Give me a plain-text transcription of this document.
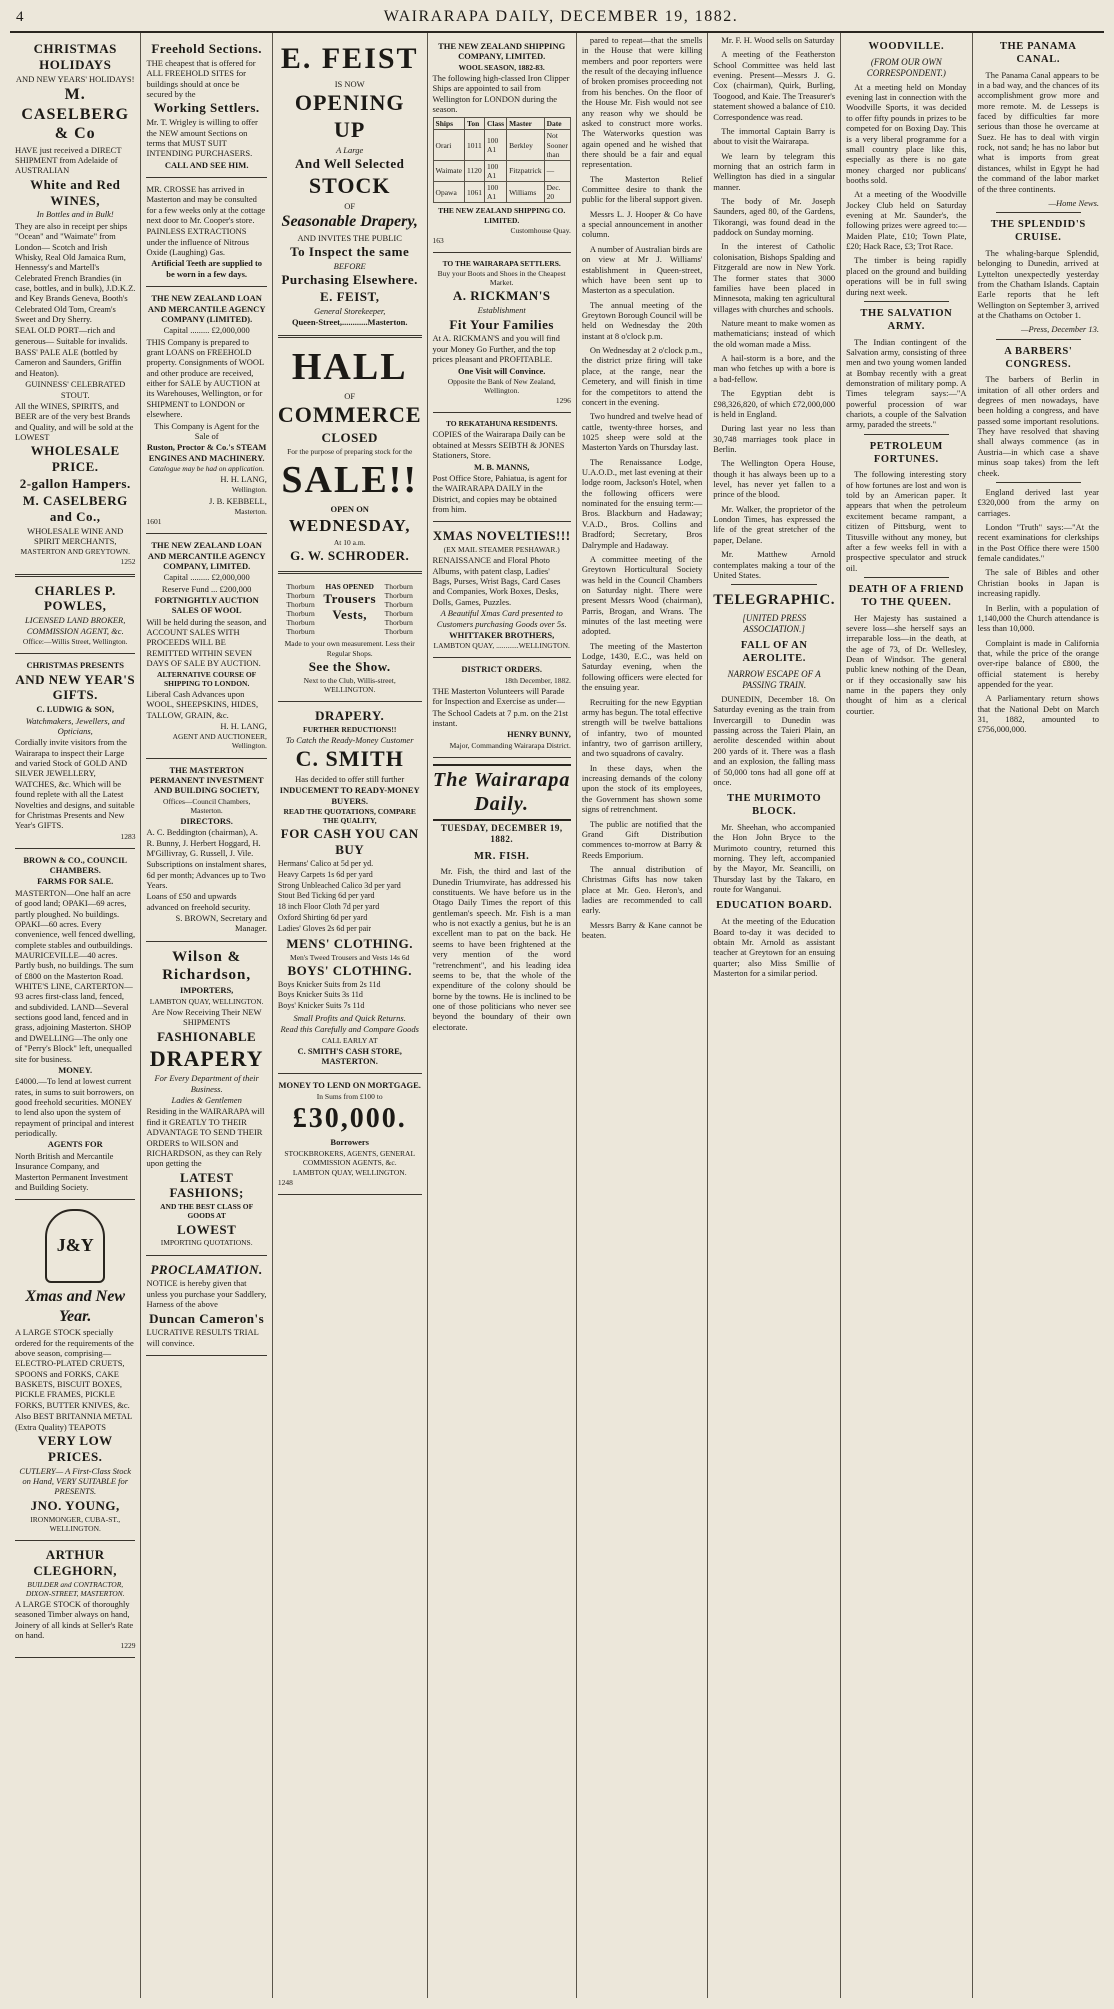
4	WAIRARAPA DAILY, DECEMBER 19, 1882.

CHRISTMAS HOLIDAYS

AND NEW YEARS' HOLIDAYS!

M. CASELBERG & Co

HAVE just received a DIRECT SHIPMENT from Adelaide of AUSTRALIAN

White and Red WINES,

In Bottles and in Bulk!

They are also in receipt per ships "Ocean" and "Waimate" from London— Scotch and Irish Whisky, Real Old Jamaica Rum, Hennessy's and Martell's Celebrated French Brandies (in case, bottles, and in bulk), J.D.K.Z. and Key Brands Geneva, Booth's Celebrated Old Tom, Cream's Sweet and Dry Sherry.

SEAL OLD PORT—rich and generous— Suitable for invalids.

BASS' PALE ALE (bottled by Cameron and Saunders, Griffin and Heaton).

GUINNESS' CELEBRATED STOUT.

All the WINES, SPIRITS, and BEER are of the very best Brands and Quality, and will be sold at the LOWEST

WHOLESALE PRICE.

2-gallon Hampers.

M. CASELBERG and Co.,

WHOLESALE WINE AND SPIRIT MERCHANTS,

MASTERTON AND GREYTOWN.

1252

CHARLES P. POWLES,

LICENSED LAND BROKER, COMMISSION AGENT, &c.

Office:—Willis Street, Wellington.

CHRISTMAS PRESENTS

AND NEW YEAR'S GIFTS.

C. LUDWIG & SON,

Watchmakers, Jewellers, and Opticians,

Cordially invite visitors from the Wairarapa to inspect their Large and varied Stock of GOLD AND SILVER JEWELLERY, WATCHES, &c. Which will be found replete with all the Latest Novelties and designs, and suitable for Christmas Presents and New Year's GIFTS.

1283

BROWN & CO., COUNCIL CHAMBERS.

FARMS FOR SALE.

MASTERTON—One half an acre of good land; OPAKI—69 acres, partly ploughed. No buildings. OPAKI—60 acres. Every convenience, well fenced dwelling, complete stables and outbuildings. MAURICEVILLE—40 acres. Partly bush, no buildings. The sum of £800 on the Masterton Road. WHITE'S LINE, CARTERTON—93 acres first-class land, fenced, and subdivided. LAND—Several sections good land, fenced and in grass, adjoining Masterton. SHOP and DWELLING—The only one of "Perry's Block" left, unequalled site for business.

MONEY.

£4000.—To lend at lowest current rates, in sums to suit borrowers, on good freehold securities. MONEY to lend also upon the system of repayment of principal and interest periodically.

AGENTS FOR

North British and Mercantile Insurance Company, and Masterton Permanent Investment and Building Society.

J&Y

Xmas and New Year.

A LARGE STOCK specially ordered for the requirements of the above season, comprising— ELECTRO-PLATED CRUETS, SPOONS and FORKS, CAKE BASKETS, BISCUIT BOXES, PICKLE FRAMES, PICKLE FORKS, BUTTER KNIVES, &c.

Also BEST BRITANNIA METAL (Extra Quality) TEAPOTS

VERY LOW PRICES.

CUTLERY— A First-Class Stock on Hand, VERY SUITABLE for PRESENTS.

JNO. YOUNG,

IRONMONGER, CUBA-ST., WELLINGTON.

ARTHUR CLEGHORN,

BUILDER and CONTRACTOR, DIXON-STREET, MASTERTON.

A LARGE STOCK of thoroughly seasoned Timber always on hand, Joinery of all kinds at Seller's Rate on hand.

1229

Freehold Sections.

THE cheapest that is offered for ALL FREEHOLD SITES for buildings should at once be secured by the

Working Settlers.

Mr. T. Wrigley is willing to offer the NEW amount Sections on terms that MUST SUIT INTENDING PURCHASERS.

CALL AND SEE HIM.

MR. CROSSE has arrived in Masterton and may be consulted for a few weeks only at the cottage next door to Mr. Cooper's store.

PAINLESS EXTRACTIONS under the influence of Nitrous Oxide (Laughing) Gas.

Artificial Teeth are supplied to be worn in a few days.

THE NEW ZEALAND LOAN AND MERCANTILE AGENCY COMPANY (LIMITED).

Capital ......... £2,000,000

THIS Company is prepared to grant LOANS on FREEHOLD property. Consignments of WOOL and other produce are received, either for SALE by AUCTION at its Warehouses, Wellington, or for SHIPMENT to LONDON or elsewhere.

This Company is Agent for the Sale of

Ruston, Proctor & Co.'s STEAM ENGINES AND MACHINERY.

Catalogue may be had on application.

H. H. LANG,

Wellington.

J. B. KEBBELL,

Masterton.

1601

THE NEW ZEALAND LOAN AND MERCANTILE AGENCY COMPANY, LIMITED.

Capital ......... £2,000,000

Reserve Fund ... £200,000

FORTNIGHTLY AUCTION SALES OF WOOL

Will be held during the season, and ACCOUNT SALES WITH PROCEEDS WILL BE REMITTED WITHIN SEVEN DAYS OF SALE BY AUCTION.

ALTERNATIVE COURSE OF SHIPPING TO LONDON.

Liberal Cash Advances upon WOOL, SHEEPSKINS, HIDES, TALLOW, GRAIN, &c.

H. H. LANG,

AGENT AND AUCTIONEER, Wellington.

THE MASTERTON PERMANENT INVESTMENT AND BUILDING SOCIETY,

Offices—Council Chambers, Masterton.

DIRECTORS.

A. C. Beddington (chairman), A. R. Bunny, J. Herbert Hoggard, H. M'Gillivray, G. Russell, J. Vile.

Subscriptions on instalment shares, 6d per month; Advances up to Two Years.

Loans of £50 and upwards advanced on freehold security.

S. BROWN, Secretary and Manager.

Wilson & Richardson,

IMPORTERS,

LAMBTON QUAY, WELLINGTON.

Are Now Receiving Their NEW SHIPMENTS

FASHIONABLE

DRAPERY

For Every Department of their Business.

Ladies & Gentlemen

Residing in the WAIRARAPA will find it GREATLY TO THEIR ADVANTAGE TO SEND THEIR ORDERS to WILSON and RICHARDSON, as they can Rely upon getting the

LATEST FASHIONS;

AND THE BEST CLASS OF GOODS AT

LOWEST

IMPORTING QUOTATIONS.

PROCLAMATION.

NOTICE is hereby given that unless you purchase your Saddlery, Harness of the above

Duncan Cameron's

LUCRATIVE RESULTS TRIAL will convince.

E. FEIST

IS NOW

OPENING UP

A Large

And Well Selected

STOCK

OF

Seasonable Drapery,

AND INVITES THE PUBLIC

To Inspect the same

BEFORE

Purchasing Elsewhere.

E. FEIST,

General Storekeeper,

Queen-Street,............Masterton.

HALL

OF

COMMERCE

CLOSED

For the purpose of preparing stock for the

SALE!!

OPEN ON

WEDNESDAY,

At 10 a.m.

G. W. SCHRODER.

Thorburn
Thorburn
Thorburn
Thorburn
Thorburn
Thorburn
HAS OPENED
Trousers
Vests,
Thorburn
Thorburn
Thorburn
Thorburn
Thorburn
Thorburn

Made to your own measurement. Less their Regular Shops.

See the Show.

Next to the Club, Willis-street, WELLINGTON.

DRAPERY.

FURTHER REDUCTIONS!!

To Catch the Ready-Money Customer

C. SMITH

Has decided to offer still further

INDUCEMENT TO READY-MONEY BUYERS.

READ THE QUOTATIONS, COMPARE THE QUALITY,

FOR CASH YOU CAN BUY

Hermans' Calico at 5d per yd.
Heavy Carpets 1s 6d per yard
Strong Unbleached Calico 3d per yard
Stout Bed Ticking 6d per yard
18 inch Floor Cloth 7d per yard
Oxford Shirting 6d per yard
Ladies' Gloves 2s 6d per pair

MENS' CLOTHING.

Men's Tweed Trousers and Vests 14s 6d

BOYS' CLOTHING.

Boys Knicker Suits from 2s 11d
Boys Knicker Suits 3s 11d
Boys' Knicker Suits 7s 11d

Small Profits and Quick Returns.

Read this Carefully and Compare Goods

CALL EARLY AT

C. SMITH'S CASH STORE, MASTERTON.

MONEY TO LEND ON MORTGAGE.

In Sums from £100 to

£30,000.

Borrowers

STOCKBROKERS, AGENTS, GENERAL COMMISSION AGENTS, &c.

LAMBTON QUAY, WELLINGTON.

1248

THE NEW ZEALAND SHIPPING COMPANY, LIMITED.

WOOL SEASON, 1882-83.

The following high-classed Iron Clipper Ships are appointed to sail from Wellington for LONDON during the season.

Ships	Ton	Class	Master	Date
Orari	1011	100 A1	Berkley	Not Sooner than
Waimate	1120	100 A1	Fitzpatrick	—
Opawa	1061	100 A1	Williams	Dec. 20

THE NEW ZEALAND SHIPPING CO. LIMITED.

Customhouse Quay.

163

TO THE WAIRARAPA SETTLERS.

Buy your Boots and Shoes in the Cheapest Market.

A. RICKMAN'S

Establishment

Fit Your Families

At A. RICKMAN'S and you will find your Money Go Further, and the top prices pleasant and PROFITABLE.

One Visit will Convince.

Opposite the Bank of New Zealand, Wellington.

1296

TO REKATAHUNA RESIDENTS.

COPIES of the Wairarapa Daily can be obtained at Messrs SEIBTH & JONES Stationers, Store.

M. B. MANNS,

Post Office Store, Pahiatua, is agent for the WAIRARAPA DAILY in the District, and copies may be obtained from him.

XMAS NOVELTIES!!!

(EX MAIL STEAMER PESHAWAR.)

RENAISSANCE and Floral Photo Albums, with patent clasp, Ladies' Bags, Purses, Wrist Bags, Card Cases and Companies, Work Boxes, Desks, Dolls, Games, Puzzles.

A Beautiful Xmas Card presented to Customers purchasing Goods over 5s.

WHITTAKER BROTHERS,

LAMBTON QUAY, ............WELLINGTON.

DISTRICT ORDERS.

18th December, 1882.

THE Masterton Volunteers will Parade for Inspection and Exercise as under—

The School Cadets at 7 p.m. on the 21st instant.

HENRY BUNNY,

Major, Commanding Wairarapa District.

The Wairarapa Daily.
TUESDAY, DECEMBER 19, 1882.
MR. FISH.

Mr. Fish, the third and last of the Dunedin Triumvirate, has addressed his constituents. We have before us in the Otago Daily Times the report of this gentleman's speech. Mr. Fish is a man who is not exactly a genius, but he is an excellent man to pat on the back. He seems to have been frightened at the very mention of the word "retrenchment", and his leading idea seems to be, that the whole of the expenditure of the colony should be borne by the towns. He is inclined to be one of those politicians who never see beyond the boundary of their own electorate.

pared to repeat—that the smells in the House that were killing members and poor reporters were the result of the decaying influence of broken promises proceeding not from his benches. On the floor of the House Mr. Fish would not see any reason why we should be asked to construct more works. The Waterworks question was again opened and he wished that there should be a fair and equal representation.

The Masterton Relief Committee desire to thank the public for the liberal support given.

Messrs L. J. Hooper & Co have a special announcement in another column.

A number of Australian birds are on view at Mr J. Williams' establishment in Queen-street, which have been sent up to Masterton as a speculation.

The annual meeting of the Greytown Borough Council will be held on Wednesday the 20th instant at 8 o'clock p.m.

On Wednesday at 2 o'clock p.m., the district prize firing will take place, at the range, near the Cemetery, and will finish in time for the competitors to attend the concert in the evening.

Two hundred and twelve head of cattle, twenty-three horses, and 1025 sheep were sold at the Masterton Yards on Thursday last.

The Renaissance Lodge, U.A.O.D., met last evening at their lodge room, Jackson's Hotel, when the following officers were nominated for the ensuing term:—Bros. Blackburn and Hadaway; V.A.D., Bros. Collins and Bradford; Secretary, Bros Dalrymple and Hadaway.

A committee meeting of the Greytown Horticultural Society was held in the Council Chambers on Saturday night. There were present Messrs Wood (chairman), Parris, Brogan, and Wrans. The minutes of the last meeting were adopted.

The meeting of the Masterton Lodge, 1430, E.C., was held on Saturday evening, when the following officers were elected for the ensuing year.

Recruiting for the new Egyptian army has begun. The total effective strength will be twelve battalions of infantry, two of mounted infantry, two of garrison artillery, and two squadrons of cavalry.

In these days, when the increasing demands of the colony upon the stock of its employees, the Government has shown some signs of retrenchment.

The public are notified that the Grand Gift Distribution commences to-morrow at Barry & Reeds Emporium.

The annual distribution of Christmas Gifts has now taken place at Mr. Geo. Heron's, and ladies are recommended to call early.

Messrs Barry & Kane cannot be beaten.

Mr. F. H. Wood sells on Saturday

A meeting of the Featherston School Committee was held last evening. Present—Messrs J. G. Cox (chairman), Quirk, Burling, Toogood, and Kaie. The Treasurer's statement showed a balance of £10. Correspondence was read.

The immortal Captain Barry is about to visit the Wairarapa.

We learn by telegram this morning that an ostrich farm in Wellington has died in a singular manner.

The body of Mr. Joseph Saunders, aged 80, of the Gardens, Tikorangi, was found dead in the paddock on Sunday morning.

In the interest of Catholic colonisation, Bishops Spalding and Fitzgerald are now in New York. The former states that 3000 families have been placed in Minnesota, making ten agricultural villages with churches and schools.

Nature meant to make women as mathematicians; instead of which the old woman made a Miss.

A hail-storm is a bore, and the man who fetches up with a bore is a bad-fellow.

The Egyptian debt is £98,326,820, of which £72,000,000 is held in England.

During last year no less than 30,748 marriages took place in Berlin.

The Wellington Opera House, though it has always been up to a level, has never yet fallen to a prince of the blood.

Mr. Walker, the proprietor of the London Times, has expressed the life of the great stretcher of the paper, Delane.

Mr. Matthew Arnold contemplates making a tour of the United States.

TELEGRAPHIC.
[UNITED PRESS ASSOCIATION.]
FALL OF AN AEROLITE.
NARROW ESCAPE OF A PASSING TRAIN.

DUNEDIN, December 18. On Saturday evening as the train from Invercargill to Dunedin was passing across the Taieri Plain, an aerolite descended within about 200 yards of it. There was a flash and an explosion, the falling mass of 50,000 tons had all gone off at once.

THE MURIMOTO BLOCK.

Mr. Sheehan, who accompanied the Hon John Bryce to the Murimoto country, returned this morning. They left, accompanied by the Mayor, Mr. Seancilli, on Thursday last by the Takaro, en route for Wanganui.

EDUCATION BOARD.

At the meeting of the Education Board to-day it was decided to obtain Mr. Arnold as assistant teacher at Greytown for an ensuing quarter; also Miss Smillie of Masterton for a similar period.

WOODVILLE.
(FROM OUR OWN CORRESPONDENT.)

At a meeting held on Monday evening last in connection with the Woodville Sports, it was decided to offer fifty pounds in prizes to be competed for on Boxing Day. This is a very liberal programme for a small country place like this, especially as there is no gate money charged nor publicans' booths sold.

At a meeting of the Woodville Jockey Club held on Saturday evening at Mr. Saunder's, the following prizes were agreed to:—Maiden Plate, £10; Town Plate, £20; Hack Race, £3; Trot Race.

The timber is being rapidly placed on the ground and building operations will be in full swing during next week.

THE SALVATION ARMY.

The Indian contingent of the Salvation army, consisting of three men and two young women landed at Bombay recently with a great demonstration of military pomp. A Times telegram says:—"A powerful procession of war chariots, a couple of the Salvation army, paraded the streets."

PETROLEUM FORTUNES.

The following interesting story of how fortunes are lost and won is told by an American paper. It appears that when the petroleum excitement became rampant, a citizen of Pittsburg, went to Titusville without any money, but after a few weeks fell in with a prospective speculator and struck oil.

DEATH OF A FRIEND TO THE QUEEN.

Her Majesty has sustained a severe loss—she herself says an irreparable loss—in the death, at the age of 73, of Dr. Wellesley, Dean of Windsor. The general public knew nothing of the Dean, or if they occasionally saw his name in the papers they only thought of him as a clerical courtier.

THE PANAMA CANAL.

The Panama Canal appears to be in a bad way, and the chances of its accomplishment grow more and more remote. M. de Lesseps is faced by difficulties far more serious than those he overcame at Suez. He has to deal with virgin rock, not sand; he has no labor but what is imports from great distances, whilst in Egypt he had the command of the labor market of the three continents.

—Home News.

THE SPLENDID'S CRUISE.

The whaling-barque Splendid, belonging to Dunedin, arrived at Lyttelton unexpectedly yesterday from the Chatham Islands. Captain Earle reports that he left Wellington on September 3, arrived at the Chathams on October 1.

—Press, December 13.

A BARBERS' CONGRESS.

The barbers of Berlin in imitation of all other orders and degrees of men nowadays, have been holding a congress, and have passed some important resolutions. They have resolved that shaving shall always commence (as in Austria—in which case a shave minus soap takes) from the left cheek.

England derived last year £320,000 from the army on carriages.

London "Truth" says:—"At the recent examinations for clerkships in the Post Office there were 1500 female candidates."

The sale of Bibles and other Christian books in Japan is increasing rapidly.

In Berlin, with a population of 1,140,000 the Church attendance is less than 10,000.

Complaint is made in California that, while the price of the orange over-ripe balance of £800, the official statement is hereby appended for the year.

A Parliamentary return shows that the National Debt on March 31, 1882, amounted to £756,000,000.
